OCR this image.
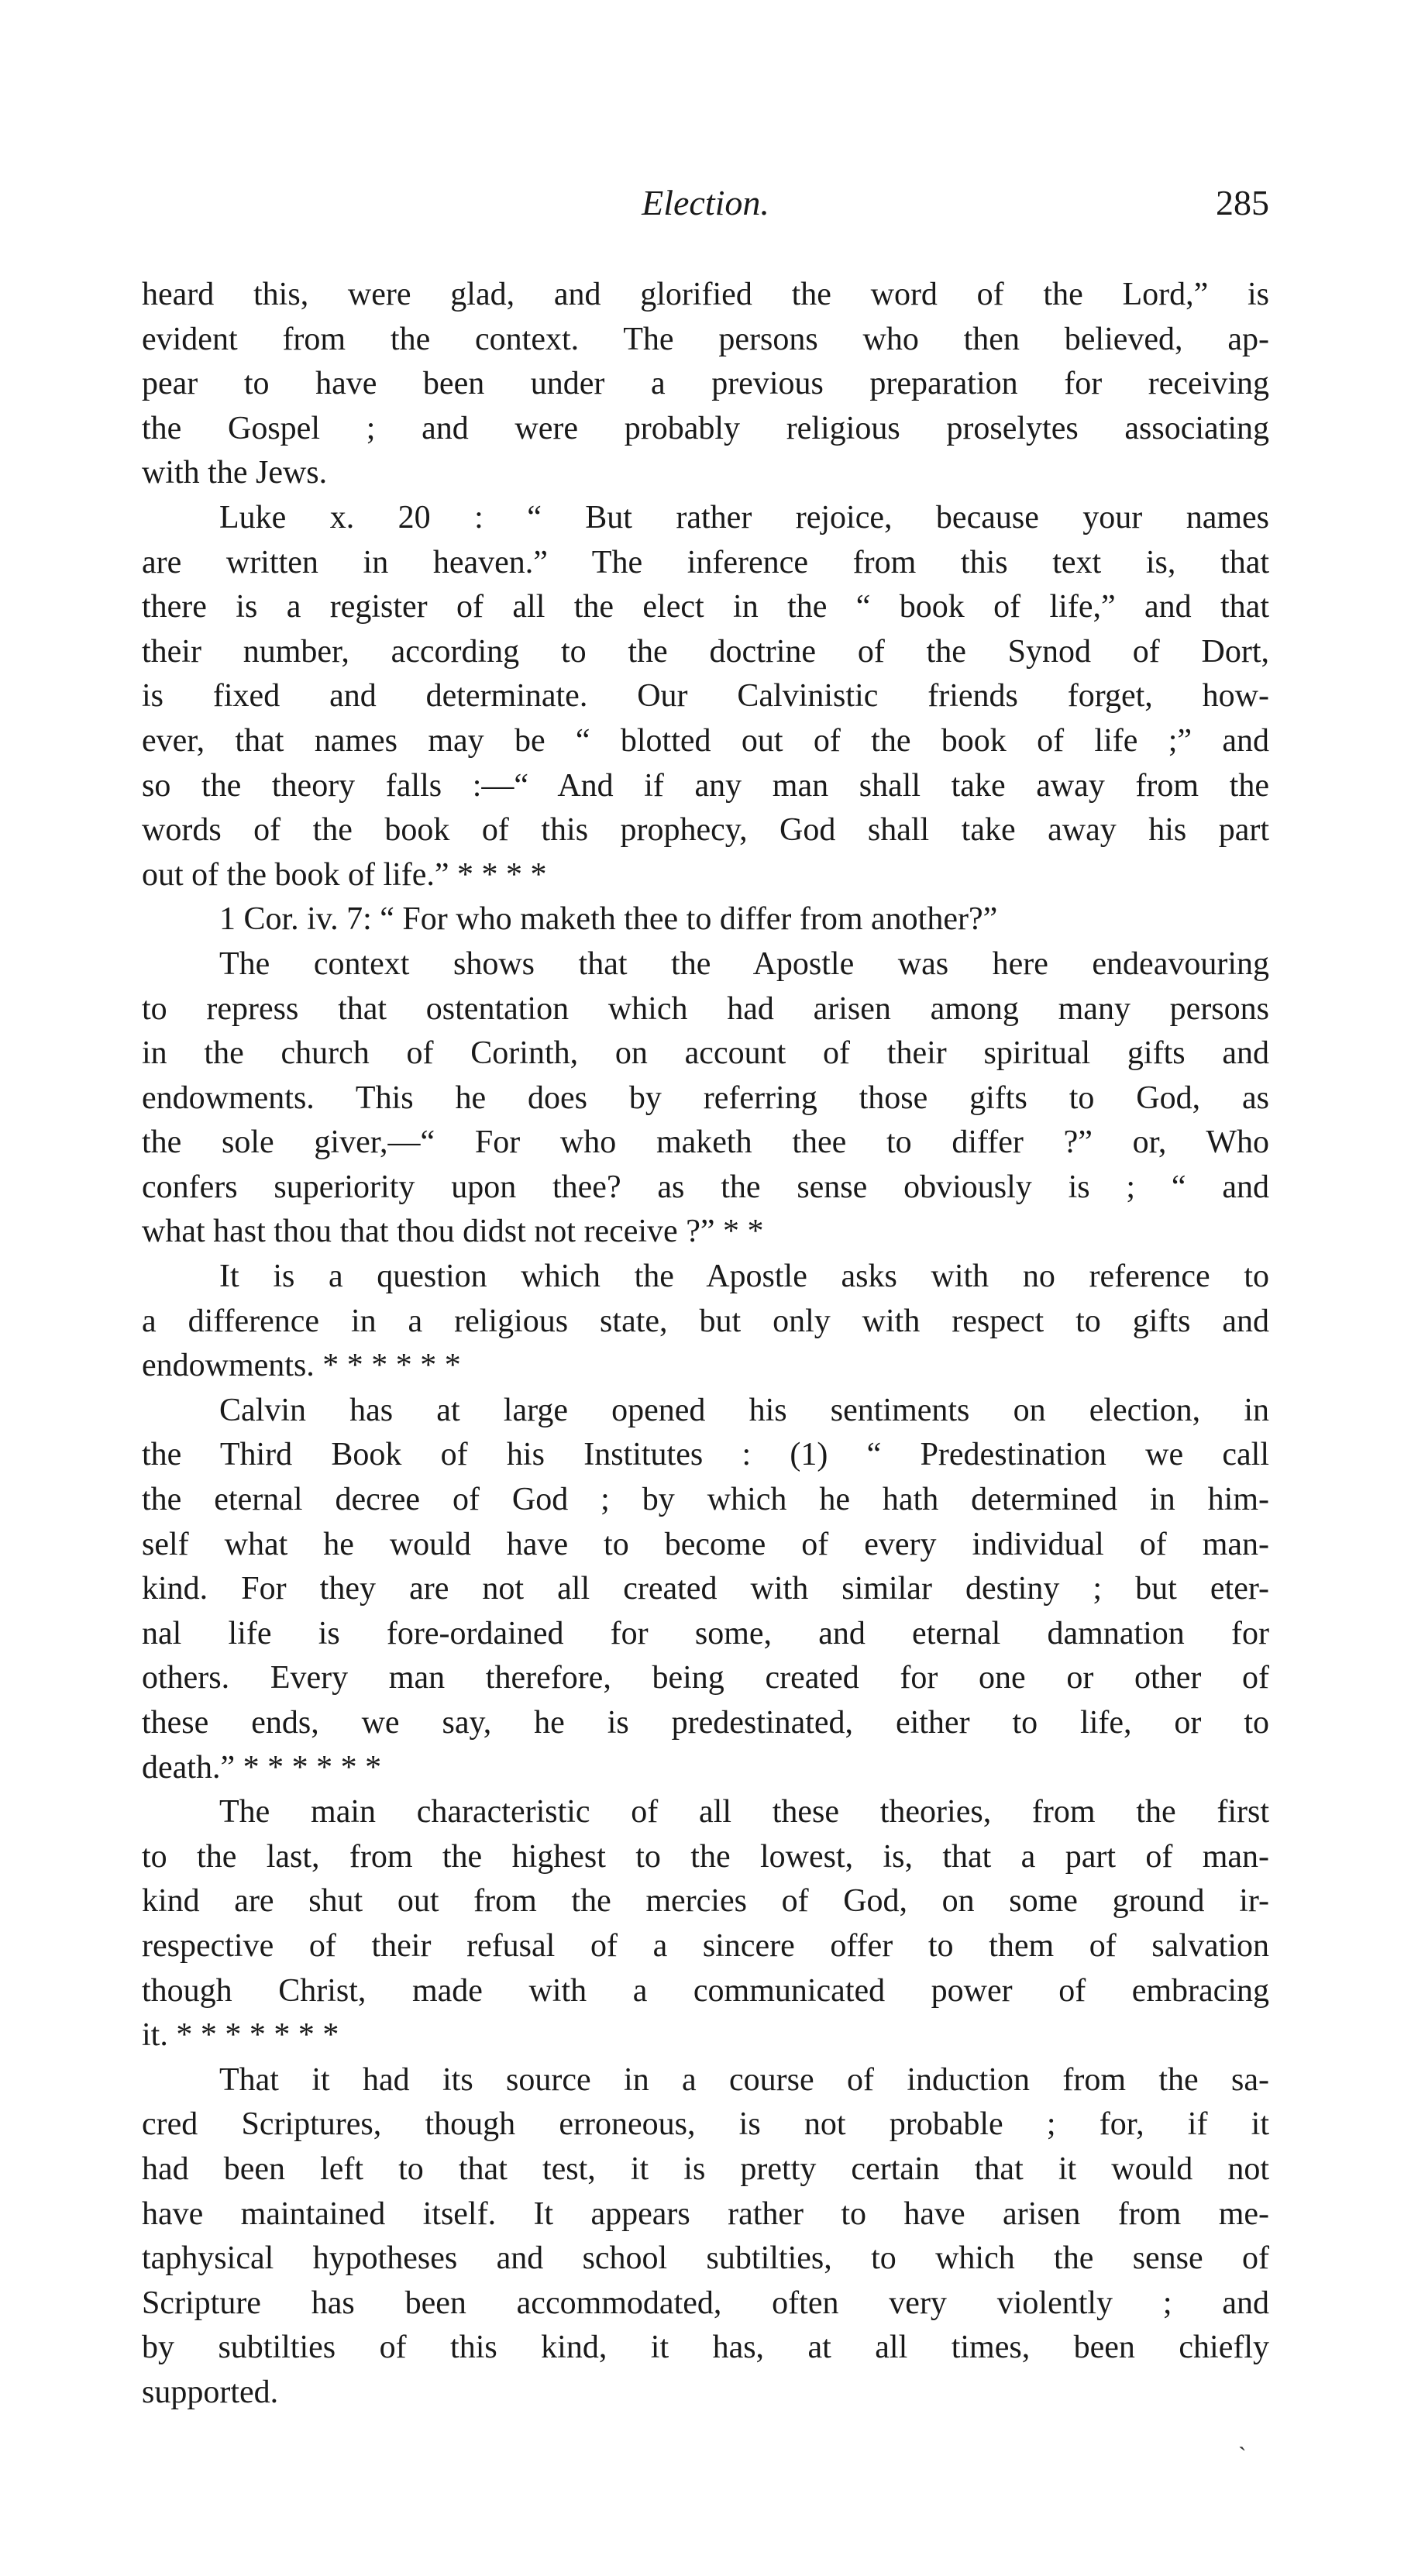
Election.	285

heard this, were glad, and glorified the word of the Lord,” is
evident from the context. The persons who then believed, ap-
pear to have been under a previous preparation for receiving
the Gospel ; and were probably religious proselytes associating
with the Jews.

Luke x. 20 : “ But rather rejoice, because your names
are written in heaven.” The inference from this text is, that
there is a register of all the elect in the “ book of life,” and that
their number, according to the doctrine of the Synod of Dort,
is fixed and determinate. Our Calvinistic friends forget, how-
ever, that names may be “ blotted out of the book of life ;” and
so the theory falls :—“ And if any man shall take away from the
words of the book of this prophecy, God shall take away his part
out of the book of life.” * * * *

1 Cor. iv. 7: “ For who maketh thee to differ from another?”

The context shows that the Apostle was here endeavouring
to repress that ostentation which had arisen among many persons
in the church of Corinth, on account of their spiritual gifts and
endowments. This he does by referring those gifts to God, as
the sole giver,—“ For who maketh thee to differ ?” or, Who
confers superiority upon thee? as the sense obviously is ; “ and
what hast thou that thou didst not receive ?” * *

It is a question which the Apostle asks with no reference to
a difference in a religious state, but only with respect to gifts and
endowments. * * * * * *

Calvin has at large opened his sentiments on election, in
the Third Book of his Institutes : (1) “ Predestination we call
the eternal decree of God ; by which he hath determined in him-
self what he would have to become of every individual of man-
kind. For they are not all created with similar destiny ; but eter-
nal life is fore-ordained for some, and eternal damnation for
others. Every man therefore, being created for one or other of
these ends, we say, he is predestinated, either to life, or to
death.” * * * * * *

The main characteristic of all these theories, from the first
to the last, from the highest to the lowest, is, that a part of man-
kind are shut out from the mercies of God, on some ground ir-
respective of their refusal of a sincere offer to them of salvation
though Christ, made with a communicated power of embracing
it. * * * * * * *

That it had its source in a course of induction from the sa-
cred Scriptures, though erroneous, is not probable ; for, if it
had been left to that test, it is pretty certain that it would not
have maintained itself. It appears rather to have arisen from me-
taphysical hypotheses and school subtilties, to which the sense of
Scripture has been accommodated, often very violently ; and
by subtilties of this kind, it has, at all times, been chiefly
supported.

ˏ
